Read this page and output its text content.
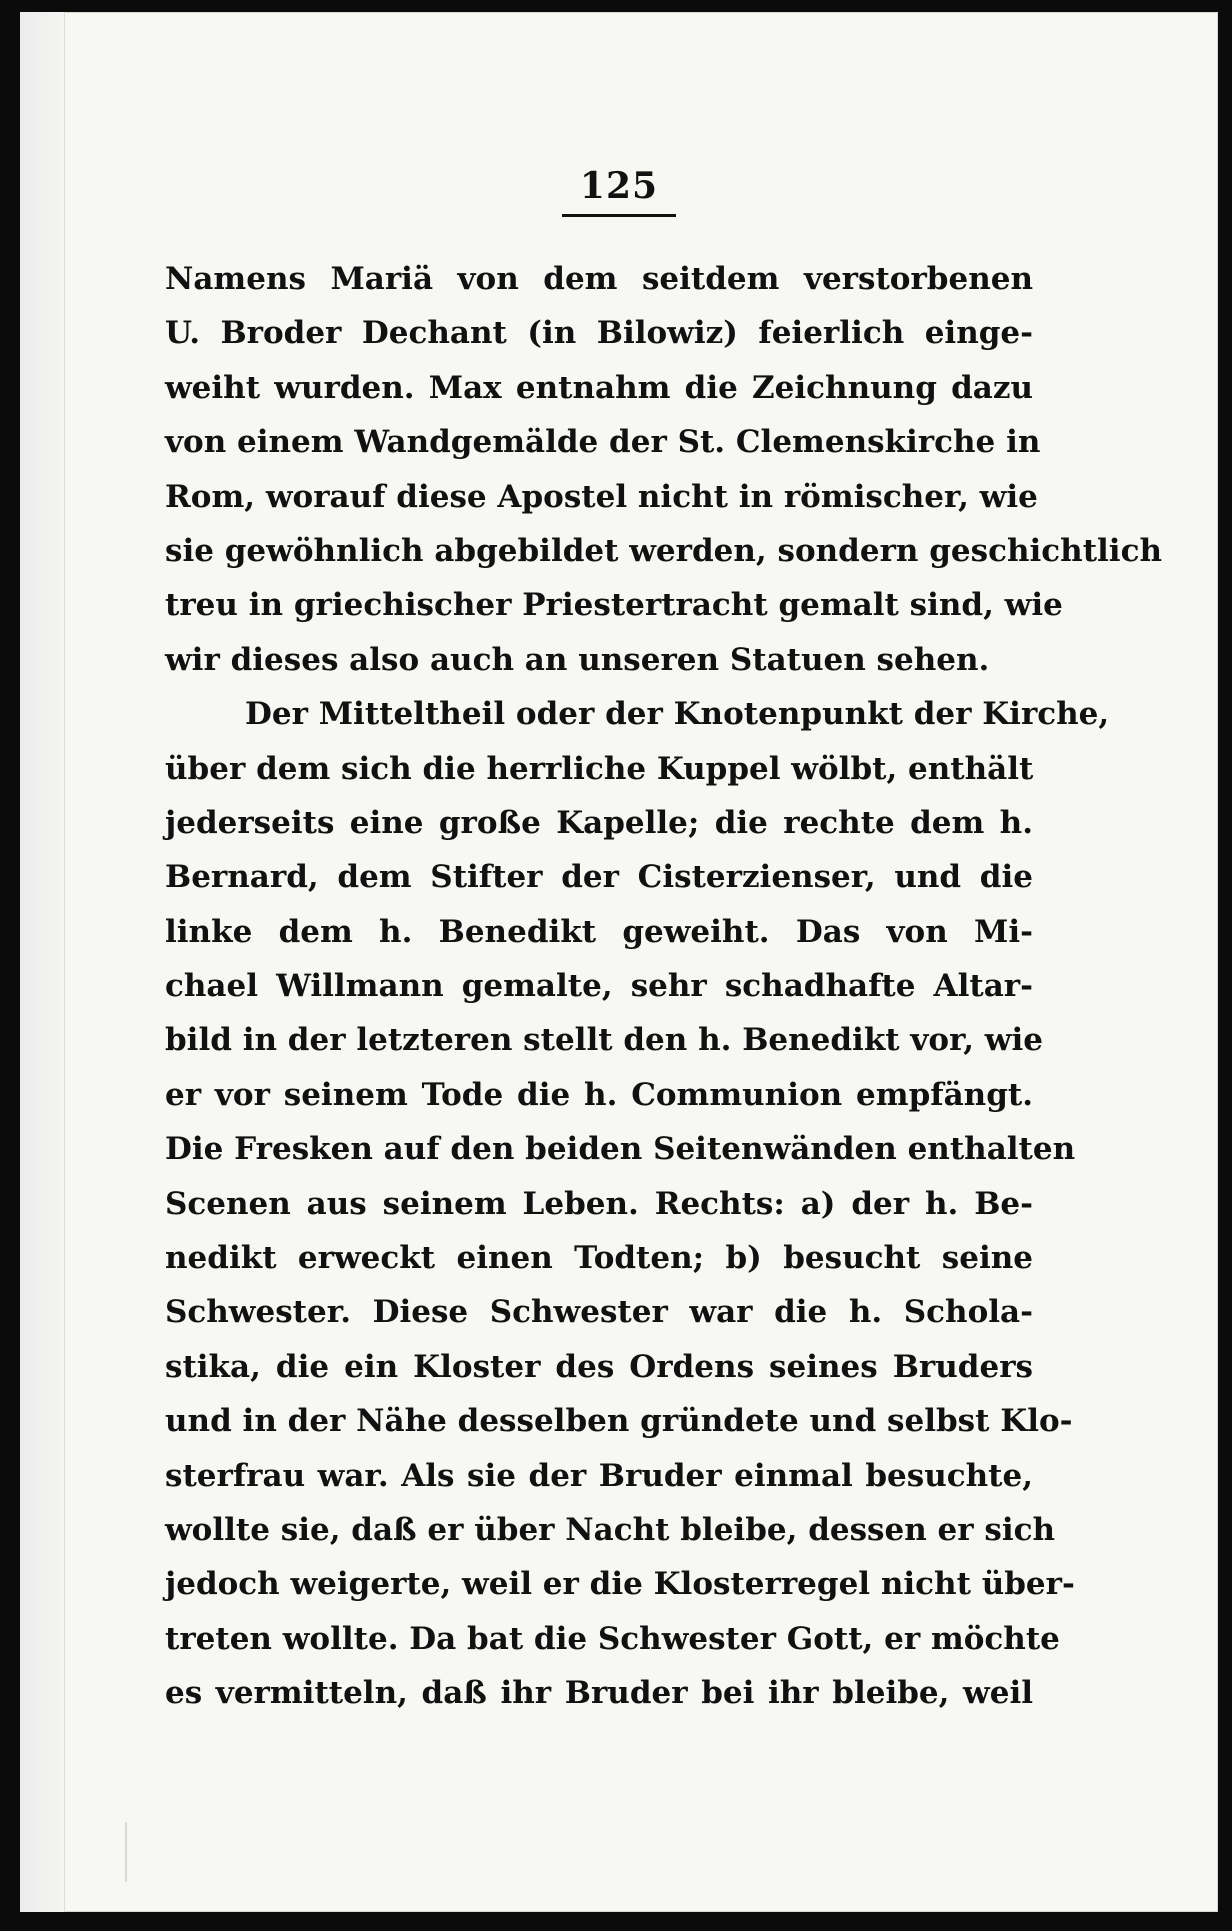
125

Namens Mariä von dem seitdem verstorbenen

U. Broder Dechant (in Bilowiz) feierlich einge-

weiht wurden. Max entnahm die Zeichnung dazu

von einem Wandgemälde der St. Clemenskirche in

Rom, worauf diese Apostel nicht in römischer, wie

sie gewöhnlich abgebildet werden, sondern geschichtlich

treu in griechischer Priestertracht gemalt sind, wie

wir dieses also auch an unseren Statuen sehen.

Der Mitteltheil oder der Knotenpunkt der Kirche,

über dem sich die herrliche Kuppel wölbt, enthält

jederseits eine große Kapelle; die rechte dem h.

Bernard, dem Stifter der Cisterzienser, und die

linke dem h. Benedikt geweiht. Das von Mi-

chael Willmann gemalte, sehr schadhafte Altar-

bild in der letzteren stellt den h. Benedikt vor, wie

er vor seinem Tode die h. Communion empfängt.

Die Fresken auf den beiden Seitenwänden enthalten

Scenen aus seinem Leben. Rechts: a) der h. Be-

nedikt erweckt einen Todten; b) besucht seine

Schwester. Diese Schwester war die h. Schola-

stika, die ein Kloster des Ordens seines Bruders

und in der Nähe desselben gründete und selbst Klo-

sterfrau war. Als sie der Bruder einmal besuchte,

wollte sie, daß er über Nacht bleibe, dessen er sich

jedoch weigerte, weil er die Klosterregel nicht über-

treten wollte. Da bat die Schwester Gott, er möchte

es vermitteln, daß ihr Bruder bei ihr bleibe, weil
